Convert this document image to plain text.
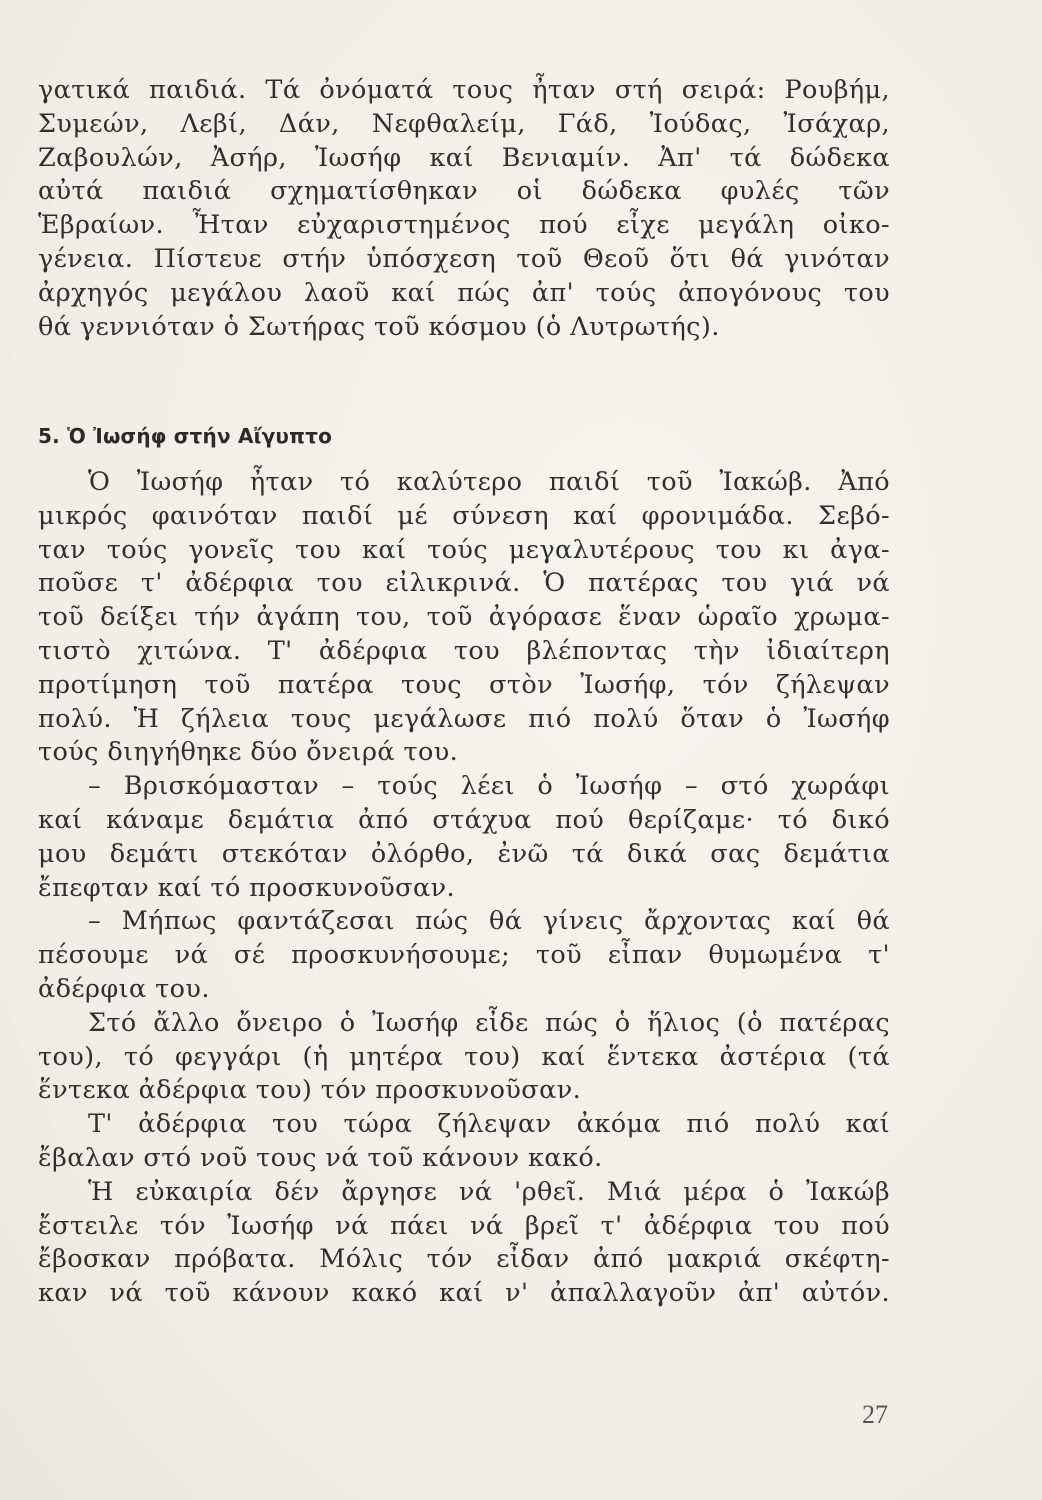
γατικά παιδιά. Τά ὀνόματά τους ἦταν στή σειρά: Ρουβήμ,
Συμεών, Λεβί, Δάν, Νεφθαλείμ, Γάδ, Ἰούδας, Ἰσάχαρ,
Ζαβουλών, Ἀσήρ, Ἰωσήφ καί Βενιαμίν. Ἀπ' τά δώδεκα
αὐτά παιδιά σχηματίσθηκαν οἱ δώδεκα φυλές τῶν
Ἑβραίων. Ἦταν εὐχαριστημένος πού εἶχε μεγάλη οἰκο-
γένεια. Πίστευε στήν ὑπόσχεση τοῦ Θεοῦ ὅτι θά γινόταν
ἀρχηγός μεγάλου λαοῦ καί πώς ἀπ' τούς ἀπογόνους του
θά γεννιόταν ὁ Σωτήρας τοῦ κόσμου (ὁ Λυτρωτής).
5. Ὁ Ἰωσήφ στήν Αἴγυπτο
Ὁ Ἰωσήφ ἦταν τό καλύτερο παιδί τοῦ Ἰακώβ. Ἀπό
μικρός φαινόταν παιδί μέ σύνεση καί φρονιμάδα. Σεβό-
ταν τούς γονεῖς του καί τούς μεγαλυτέρους του κι ἀγα-
ποῦσε τ' ἀδέρφια του εἰλικρινά. Ὁ πατέρας του γιά νά
τοῦ δείξει τήν ἀγάπη του, τοῦ ἀγόρασε ἕναν ὡραῖο χρωμα-
τιστὸ χιτώνα. Τ' ἀδέρφια του βλέποντας τὴν ἰδιαίτερη
προτίμηση τοῦ πατέρα τους στὸν Ἰωσήφ, τόν ζήλεψαν
πολύ. Ἡ ζήλεια τους μεγάλωσε πιό πολύ ὅταν ὁ Ἰωσήφ
τούς διηγήθηκε δύο ὄνειρά του.
– Βρισκόμασταν – τούς λέει ὁ Ἰωσήφ – στό χωράφι
καί κάναμε δεμάτια ἀπό στάχυα πού θερίζαμε· τό δικό
μου δεμάτι στεκόταν ὀλόρθο, ἐνῶ τά δικά σας δεμάτια
ἔπεφταν καί τό προσκυνοῦσαν.
– Μήπως φαντάζεσαι πώς θά γίνεις ἄρχοντας καί θά
πέσουμε νά σέ προσκυνήσουμε; τοῦ εἶπαν θυμωμένα τ'
ἀδέρφια του.
Στό ἄλλο ὄνειρο ὁ Ἰωσήφ εἶδε πώς ὁ ἥλιος (ὁ πατέρας
του), τό φεγγάρι (ἡ μητέρα του) καί ἕντεκα ἀστέρια (τά
ἕντεκα ἀδέρφια του) τόν προσκυνοῦσαν.
Τ' ἀδέρφια του τώρα ζήλεψαν ἀκόμα πιό πολύ καί
ἔβαλαν στό νοῦ τους νά τοῦ κάνουν κακό.
Ἡ εὐκαιρία δέν ἄργησε νά 'ρθεῖ. Μιά μέρα ὁ Ἰακώβ
ἔστειλε τόν Ἰωσήφ νά πάει νά βρεῖ τ' ἀδέρφια του πού
ἔβοσκαν πρόβατα. Μόλις τόν εἶδαν ἀπό μακριά σκέφτη-
καν νά τοῦ κάνουν κακό καί ν' ἀπαλλαγοῦν ἀπ' αὐτόν.
27
